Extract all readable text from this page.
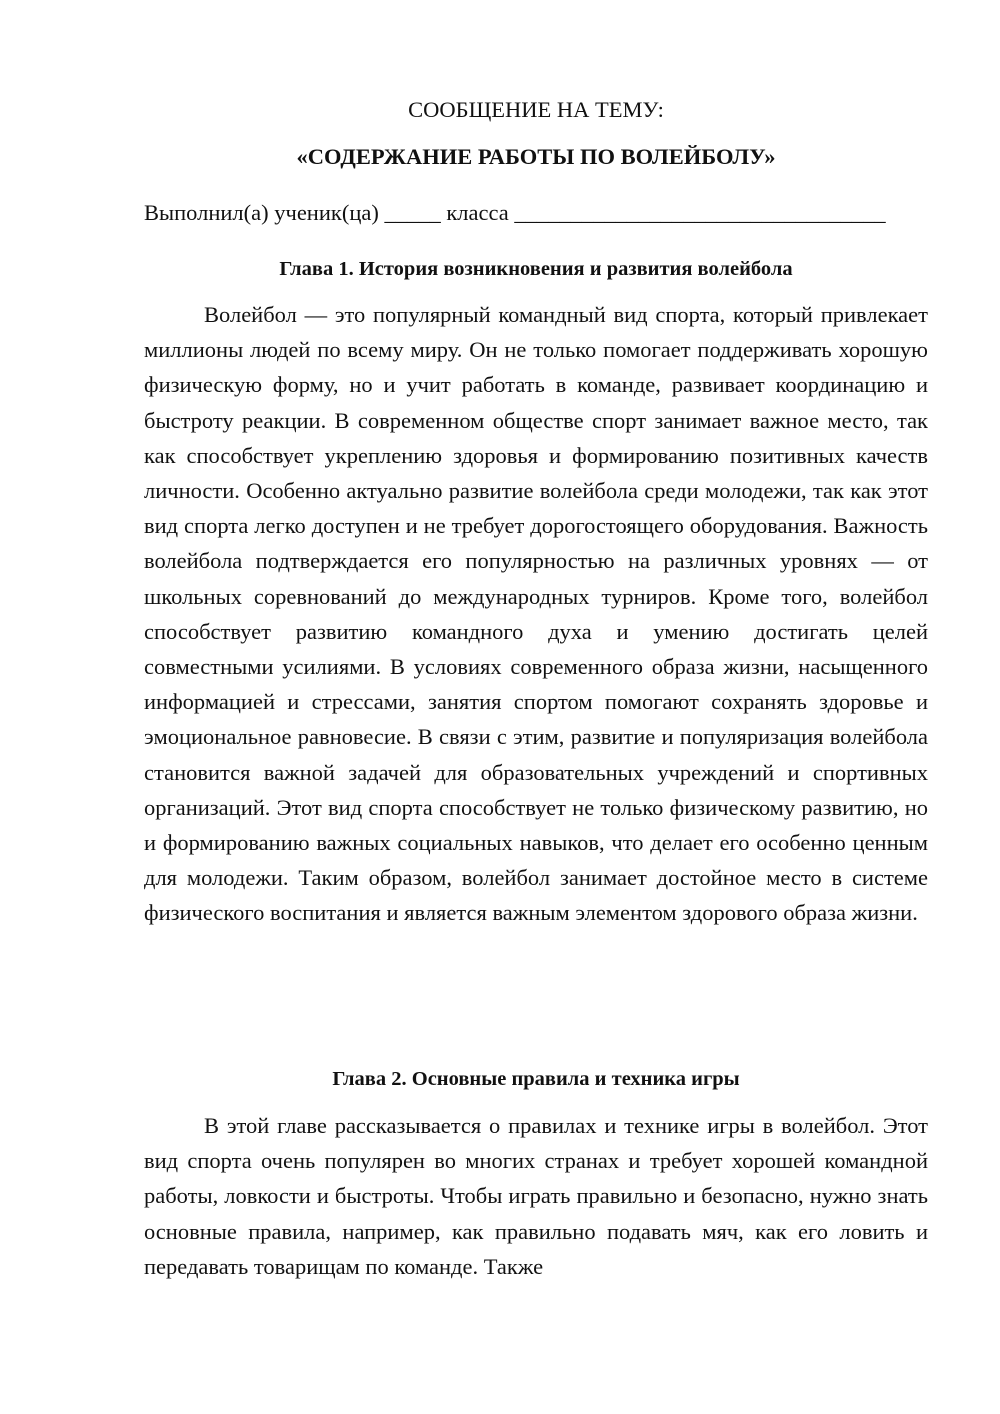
СООБЩЕНИЕ НА ТЕМУ:
«СОДЕРЖАНИЕ РАБОТЫ ПО ВОЛЕЙБОЛУ»
Выполнил(а) ученик(ца) _____ класса _________________________________
Глава 1. История возникновения и развития волейбола

Волейбол — это популярный командный вид спорта, который привлекает миллионы людей по всему миру. Он не только помогает поддерживать хорошую физическую форму, но и учит работать в команде, развивает координацию и быстроту реакции. В современном обществе спорт занимает важное место, так как способствует укреплению здоровья и формированию позитивных качеств личности. Особенно актуально развитие волейбола среди молодежи, так как этот вид спорта легко доступен и не требует дорогостоящего оборудования. Важность волейбола подтверждается его популярностью на различных уровнях — от школьных соревнований до международных турниров. Кроме того, волейбол способствует развитию командного духа и умению достигать целей совместными усилиями. В условиях современного образа жизни, насыщенного информацией и стрессами, занятия спортом помогают сохранять здоровье и эмоциональное равновесие. В связи с этим, развитие и популяризация волейбола становится важной задачей для образовательных учреждений и спортивных организаций. Этот вид спорта способствует не только физическому развитию, но и формированию важных социальных навыков, что делает его особенно ценным для молодежи. Таким образом, волейбол занимает достойное место в системе физического воспитания и является важным элементом здорового образа жизни.

Глава 2. Основные правила и техника игры

В этой главе рассказывается о правилах и технике игры в волейбол. Этот вид спорта очень популярен во многих странах и требует хорошей командной работы, ловкости и быстроты. Чтобы играть правильно и безопасно, нужно знать основные правила, например, как правильно подавать мяч, как его ловить и передавать товарищам по команде. Также
